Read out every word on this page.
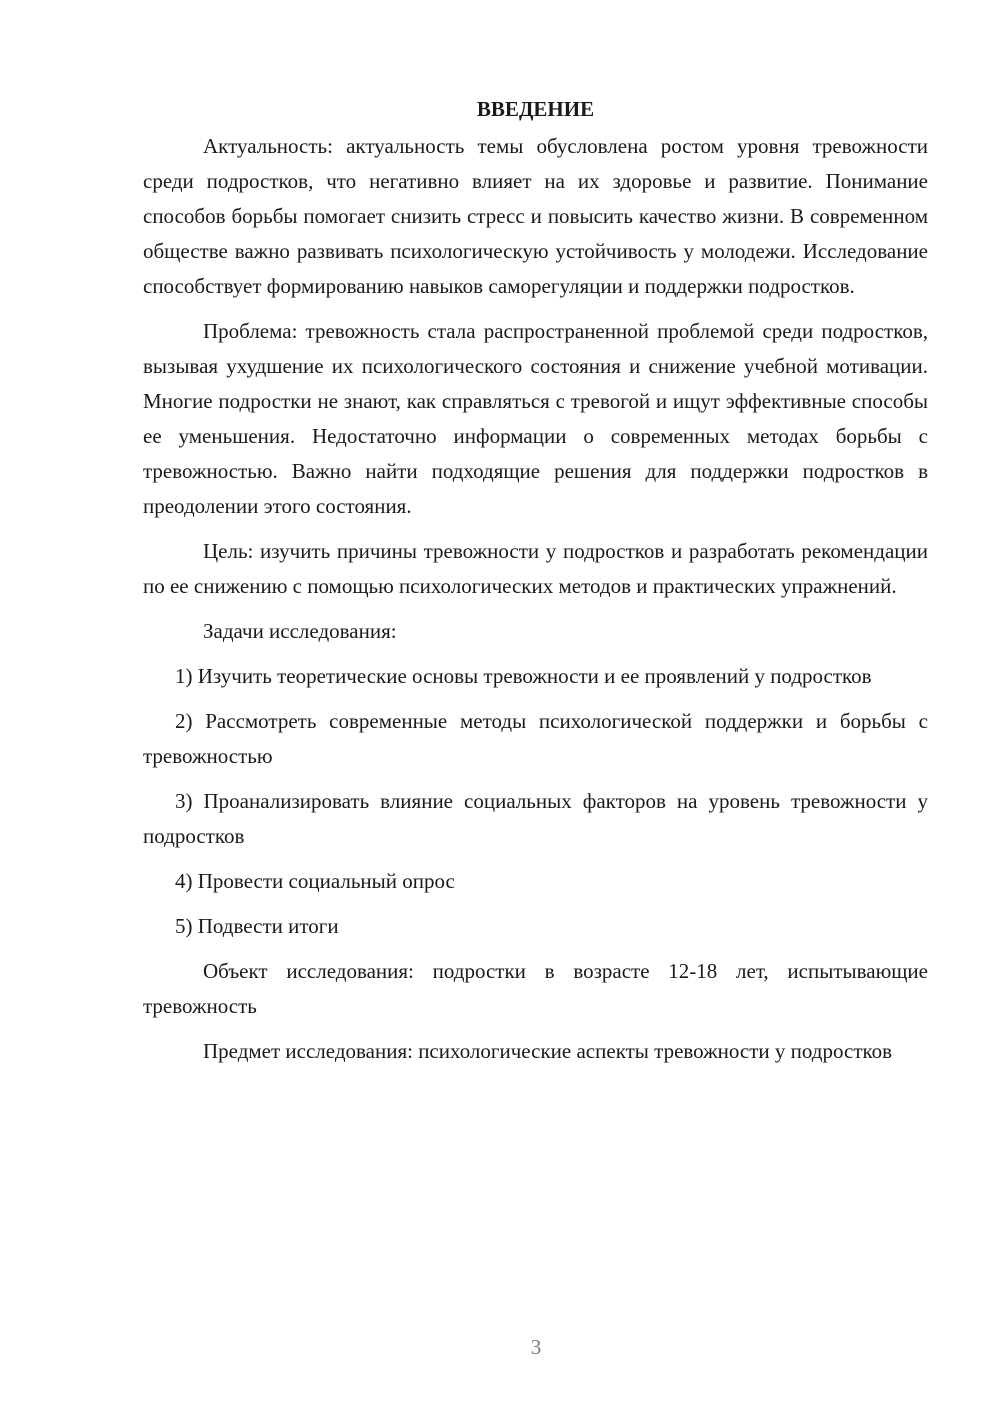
ВВЕДЕНИЕ

Актуальность: актуальность темы обусловлена ростом уровня тревожности среди подростков, что негативно влияет на их здоровье и развитие. Понимание способов борьбы помогает снизить стресс и повысить качество жизни. В современном обществе важно развивать психологическую устойчивость у молодежи. Исследование способствует формированию навыков саморегуляции и поддержки подростков.

Проблема: тревожность стала распространенной проблемой среди подростков, вызывая ухудшение их психологического состояния и снижение учебной мотивации. Многие подростки не знают, как справляться с тревогой и ищут эффективные способы ее уменьшения. Недостаточно информации о современных методах борьбы с тревожностью. Важно найти подходящие решения для поддержки подростков в преодолении этого состояния.

Цель: изучить причины тревожности у подростков и разработать рекомендации по ее снижению с помощью психологических методов и практических упражнений.

Задачи исследования:

1) Изучить теоретические основы тревожности и ее проявлений у подростков

2) Рассмотреть современные методы психологической поддержки и борьбы с тревожностью

3) Проанализировать влияние социальных факторов на уровень тревожности у подростков

4) Провести социальный опрос

5) Подвести итоги

Объект исследования: подростки в возрасте 12-18 лет, испытывающие тревожность

Предмет исследования: психологические аспекты тревожности у подростков

3
